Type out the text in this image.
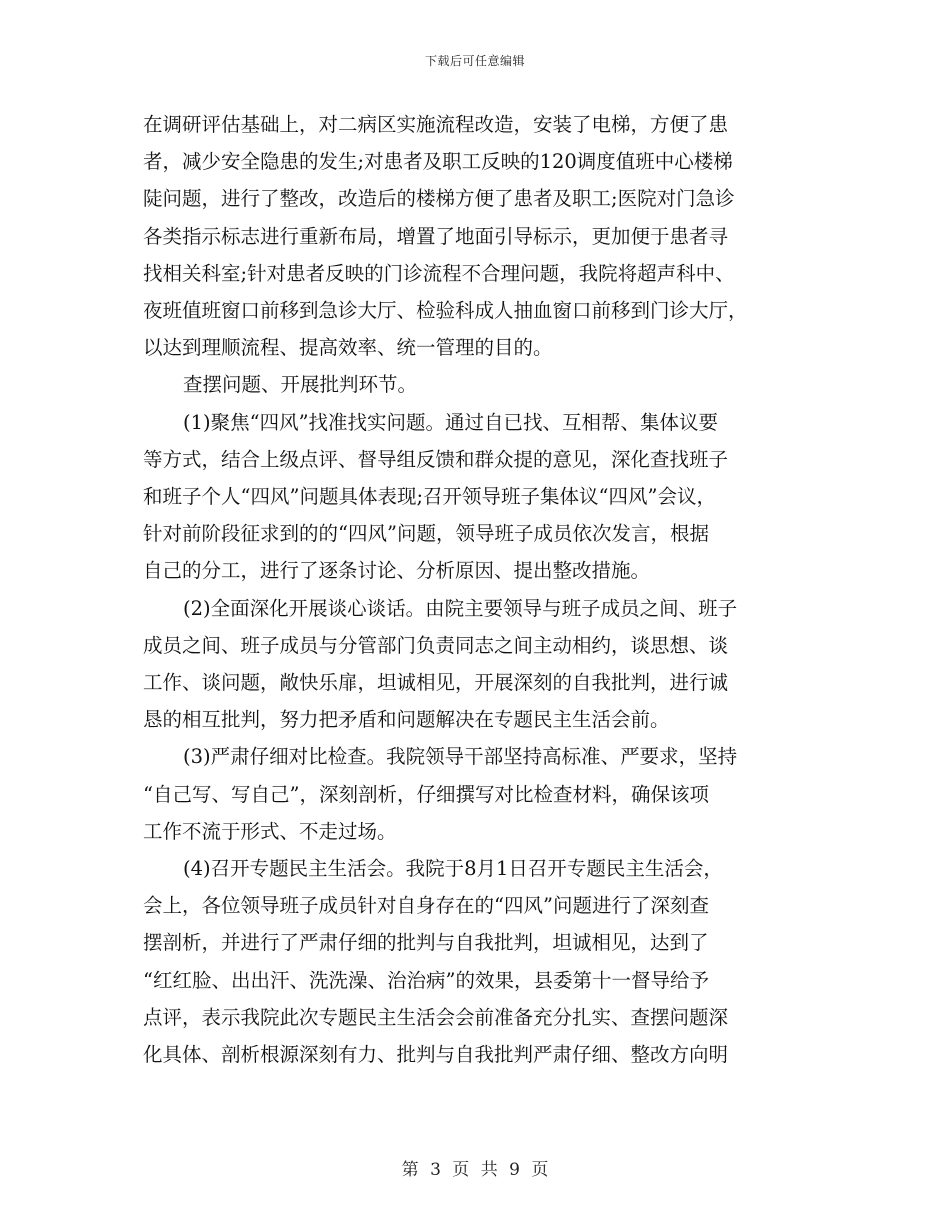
下载后可任意编辑
在调研评估基础上，对二病区实施流程改造，安装了电梯，方便了患
者，减少安全隐患的发生;对患者及职工反映的120调度值班中心楼梯
陡问题，进行了整改，改造后的楼梯方便了患者及职工;医院对门急诊
各类指示标志进行重新布局，增置了地面引导标示，更加便于患者寻
找相关科室;针对患者反映的门诊流程不合理问题，我院将超声科中、
夜班值班窗口前移到急诊大厅、检验科成人抽血窗口前移到门诊大厅，
以达到理顺流程、提高效率、统一管理的目的。
查摆问题、开展批判环节。
(1)聚焦“四风”找准找实问题。通过自已找、互相帮、集体议要
等方式，结合上级点评、督导组反馈和群众提的意见，深化查找班子
和班子个人“四风”问题具体表现;召开领导班子集体议“四风”会议，
针对前阶段征求到的的“四风”问题，领导班子成员依次发言，根据
自己的分工，进行了逐条讨论、分析原因、提出整改措施。
(2)全面深化开展谈心谈话。由院主要领导与班子成员之间、班子
成员之间、班子成员与分管部门负责同志之间主动相约，谈思想、谈
工作、谈问题，敞快乐扉，坦诚相见，开展深刻的自我批判，进行诚
恳的相互批判，努力把矛盾和问题解决在专题民主生活会前。
(3)严肃仔细对比检查。我院领导干部坚持高标准、严要求，坚持
“自己写、写自己”，深刻剖析，仔细撰写对比检查材料，确保该项
工作不流于形式、不走过场。
(4)召开专题民主生活会。我院于8月1日召开专题民主生活会，
会上，各位领导班子成员针对自身存在的“四风”问题进行了深刻查
摆剖析，并进行了严肃仔细的批判与自我批判，坦诚相见，达到了
“红红脸、出出汗、洗洗澡、治治病”的效果，县委第十一督导给予
点评，表示我院此次专题民主生活会会前准备充分扎实、查摆问题深
化具体、剖析根源深刻有力、批判与自我批判严肃仔细、整改方向明
第 3 页 共 9 页
